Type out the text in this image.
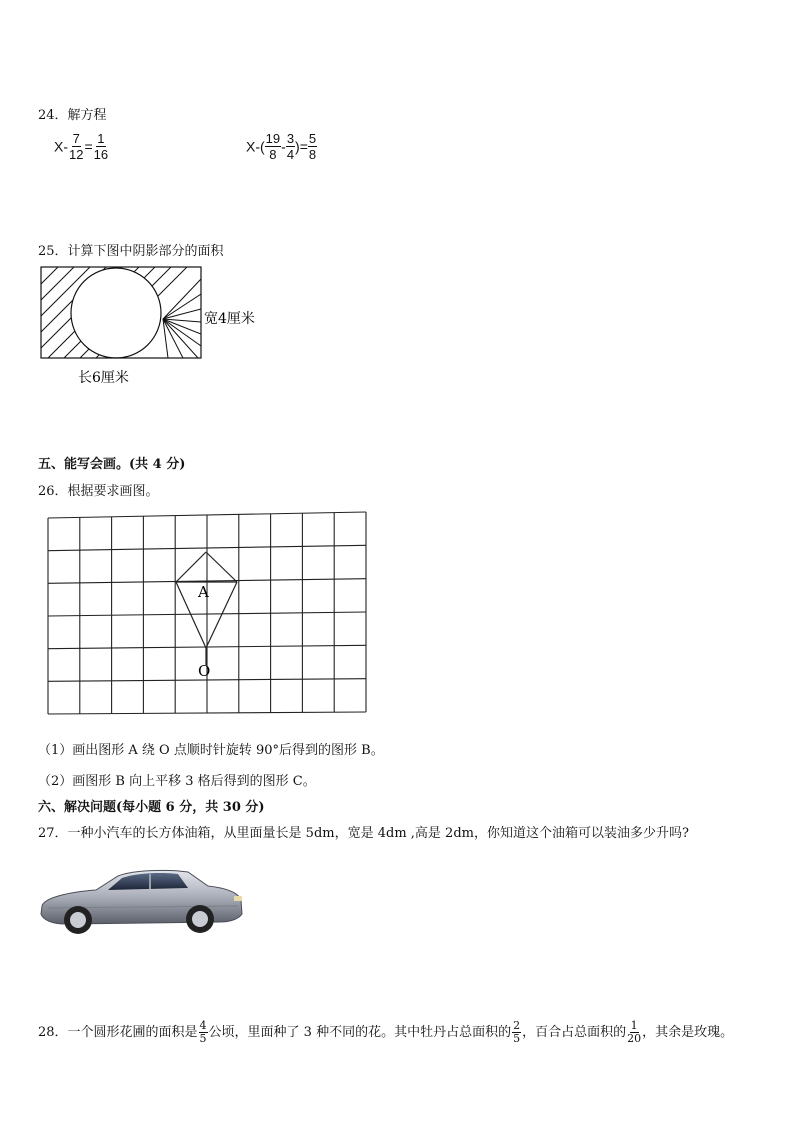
24．解方程
$X- \frac{7}{12} = \frac{1}{16}$	$X-( \frac{19}{8} - \frac{3}{4}$ )= $\frac{5}{8}$
25．计算下图中阴影部分的面积
宽4厘米
长6厘米
五、能写会画。(共 4 分)
26．根据要求画图。
A
O
（1）画出图形 A 绕 O 点顺时针旋转 90°后得到的图形 B。
（2）画图形 B 向上平移 3 格后得到的图形 C。
六、解决问题(每小题 6 分，共 30 分)
27．一种小汽车的长方体油箱，从里面量长是 5dm，宽是 4dm ,高是 2dm，你知道这个油箱可以装油多少升吗?
28．一个圆形花圃的面积是 $\frac{4}{5}$ 公顷，里面种了 3 种不同的花。其中牡丹占总面积的 $\frac{2}{5}$ ，百合占总面积的 $\frac{1}{20}$ ，其余是玫瑰。
